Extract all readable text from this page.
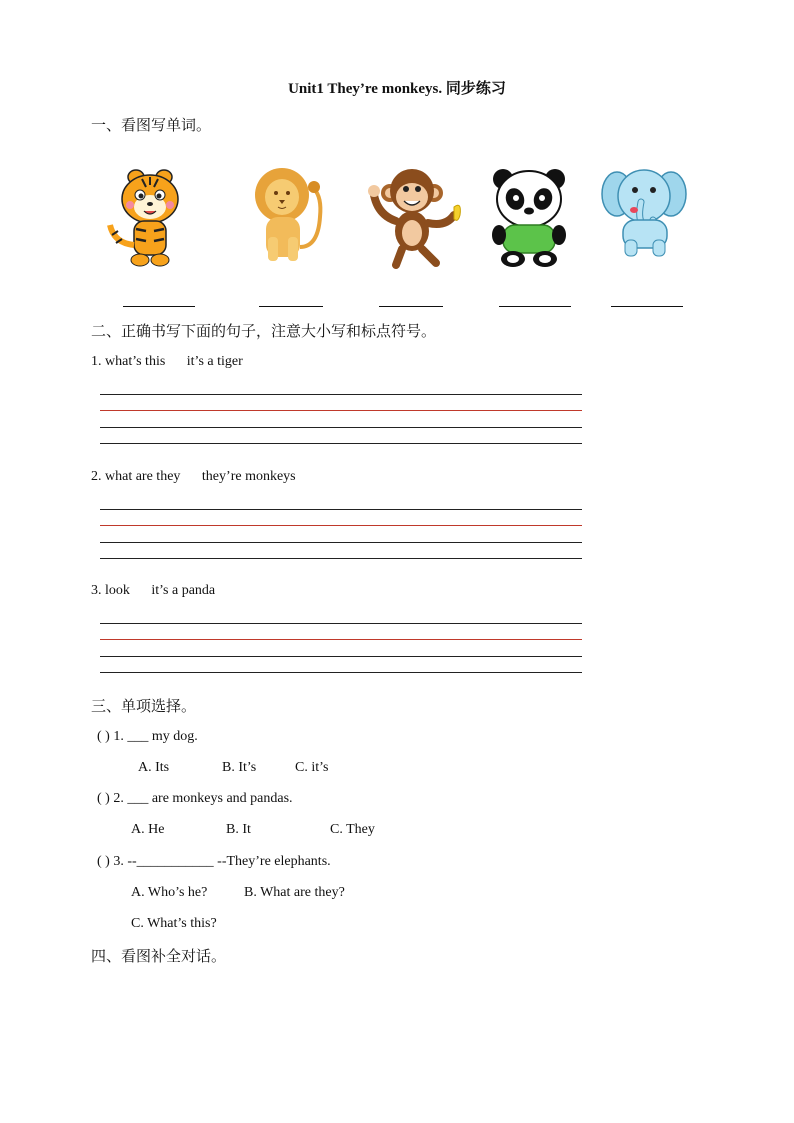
Unit1 They’re monkeys. 同步练习
一、看图写单词。
二、正确书写下面的句子，注意大小写和标点符号。
1. what’s this it’s a tiger
2. what are they they’re monkeys
3. look it’s a panda
三、单项选择。
( ) 1. ___ my dog.
A. Its	B. It’s	C. it’s
( ) 2. ___ are monkeys and pandas.
A. He	B. It	C. They
( ) 3. --___________ --They’re elephants.
A. Who’s he?	B. What are they?
C. What’s this?
四、看图补全对话。
